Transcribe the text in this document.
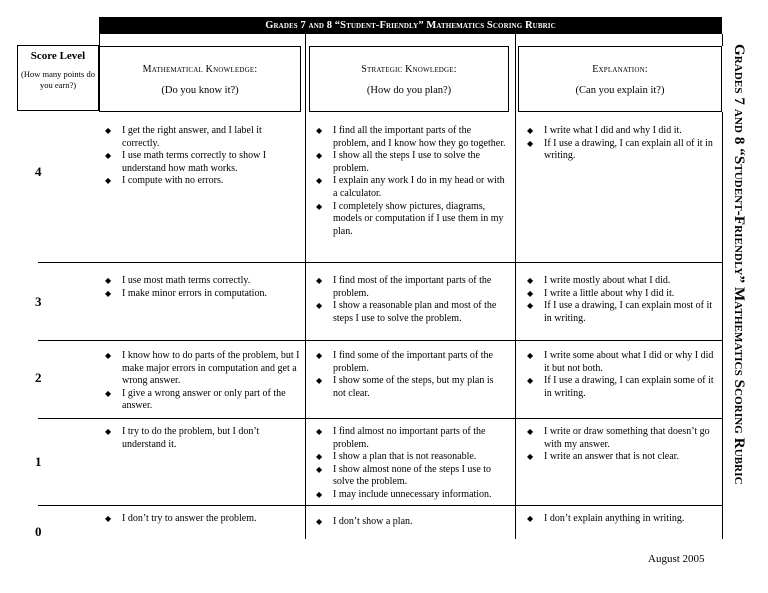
Grades 7 and 8 “Student-Friendly” Mathematics Scoring Rubric
Score Level
(How many points do you earn?)
Mathematical Knowledge:
(Do you know it?)
Strategic Knowledge:
(How do you plan?)
Explanation:
(Can you explain it?)
4
◆ I get the right answer, and I label it correctly.
◆ I use math terms correctly to show I understand how math works.
◆ I compute with no errors.
◆ I find all the important parts of the problem, and I know how they go together.
◆ I show all the steps I use to solve the problem.
◆ I explain any work I do in my head or with a calculator.
◆ I completely show pictures, diagrams, models or computation if I use them in my plan.
◆ I write what I did and why I did it.
◆ If I use a drawing, I can explain all of it in writing.
3
◆ I use most math terms correctly.
◆ I make minor errors in computation.
◆ I find most of the important parts of the problem.
◆ I show a reasonable plan and most of the steps I use to solve the problem.
◆ I write mostly about what I did.
◆ I write a little about why I did it.
◆ If I use a drawing, I can explain most of it in writing.
2
◆ I know how to do parts of the problem, but I make major errors in computation and get a wrong answer.
◆ I give a wrong answer or only part of the answer.
◆ I find some of the important parts of the problem.
◆ I show some of the steps, but my plan is not clear.
◆ I write some about what I did or why I did it but not both.
◆ If I use a drawing, I can explain some of it in writing.
1
◆ I try to do the problem, but I don’t understand it.
◆ I find almost no important parts of the problem.
◆ I show a plan that is not reasonable.
◆ I show almost none of the steps I use to solve the problem.
◆ I may include unnecessary information.
◆ I write or draw something that doesn’t go with my answer.
◆ I write an answer that is not clear.
0
◆ I don’t try to answer the problem.	◆ I don’t show a plan.	◆ I don’t explain anything in writing.
Grades 7 and 8 “Student-Friendly” Mathematics Scoring Rubric
August 2005
